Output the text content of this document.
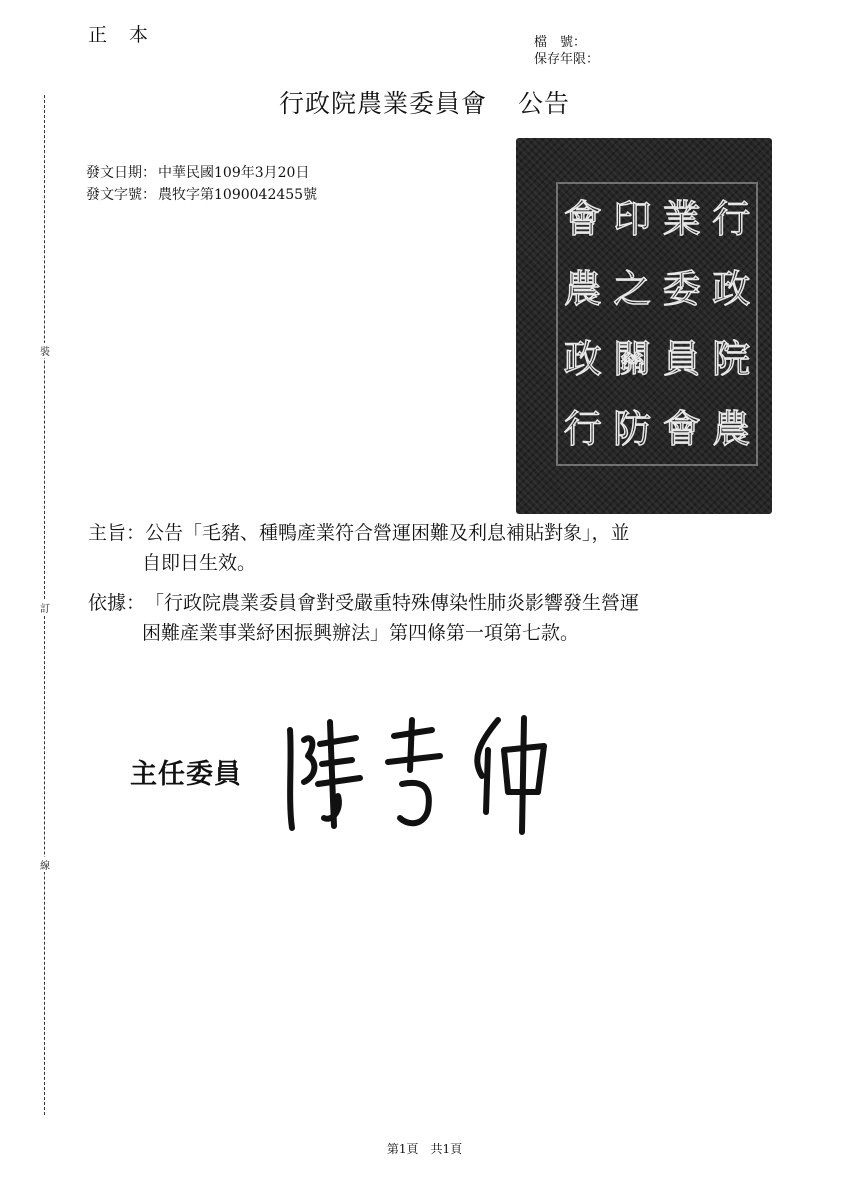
正本	檔　號：
保存年限：
行政院農業委員會 公告
發文日期： 中華民國109年3月20日
發文字號： 農牧字第1090042455號
行
政
院
農
業
委
員
會
印
之
關
防
會
農
政
行
裝
訂
線
主旨：公告「毛豬、種鴨產業符合營運困難及利息補貼對象」，並
自即日生效。
依據：「行政院農業委員會對受嚴重特殊傳染性肺炎影響發生營運
困難產業事業紓困振興辦法」第四條第一項第七款。
主任委員
第1頁 共1頁
